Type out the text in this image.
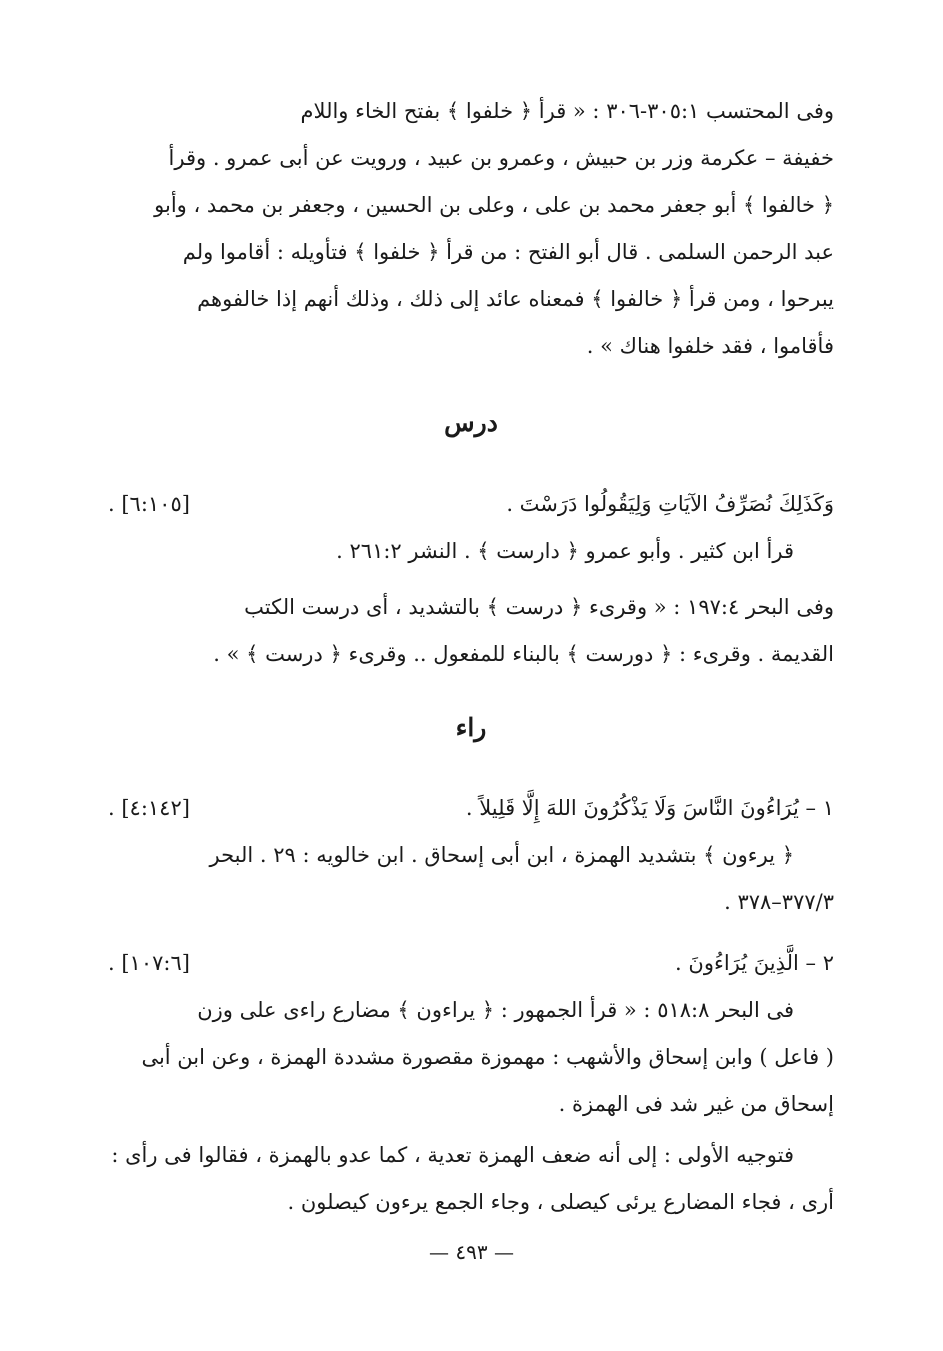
وفى المحتسب ٣٠٥:١-٣٠٦ : « قرأ ﴿ خلفوا ﴾ بفتح الخاء واللام
خفيفة – عكرمة وزر بن حبيش ، وعمرو بن عبيد ، ورويت عن أبى عمرو . وقرأ
﴿ خالفوا ﴾ أبو جعفر محمد بن على ، وعلى بن الحسين ، وجعفر بن محمد ، وأبو
عبد الرحمن السلمى . قال أبو الفتح : من قرأ ﴿ خلفوا ﴾ فتأويله : أقاموا ولم
يبرحوا ، ومن قرأ ﴿ خالفوا ﴾ فمعناه عائد إلى ذلك ، وذلك أنهم إذا خالفوهم
فأقاموا ، فقد خلفوا هناك » .
درس
وَكَذَلِكَ نُصَرِّفُ الآيَاتِ وَلِيَقُولُوا دَرَسْتَ .
. [٦:١٠٥]
قرأ ابن كثير . وأبو عمرو ﴿ دارست ﴾ . النشر ٢٦١:٢ .
وفى البحر ١٩٧:٤ : « وقرىء ﴿ درست ﴾ بالتشديد ، أى درست الكتب
القديمة . وقرىء : ﴿ دورست ﴾ بالبناء للمفعول .. وقرىء ﴿ درست ﴾ » .
راء
١ – يُرَاءُونَ النَّاسَ وَلَا يَذْكُرُونَ اللهَ إِلَّا قَلِيلاً .
. [٤:١٤٢]
﴿ يرءون ﴾ بتشديد الهمزة ، ابن أبى إسحاق . ابن خالويه : ٢٩ . البحر
٣٧٧/٣–٣٧٨ .
٢ – الَّذِينَ يُرَاءُونَ .
. [١٠٧:٦]
فى البحر ٥١٨:٨ : « قرأ الجمهور : ﴿ يراءون ﴾ مضارع راءى على وزن
( فاعل ) وابن إسحاق والأشهب : مهموزة مقصورة مشددة الهمزة ، وعن ابن أبى
إسحاق من غير شد فى الهمزة .
فتوجيه الأولى : إلى أنه ضعف الهمزة تعدية ، كما عدو بالهمزة ، فقالوا فى رأى :
أرى ، فجاء المضارع يرئى كيصلى ، وجاء الجمع يرءون كيصلون .
— ٤٩٣ —
